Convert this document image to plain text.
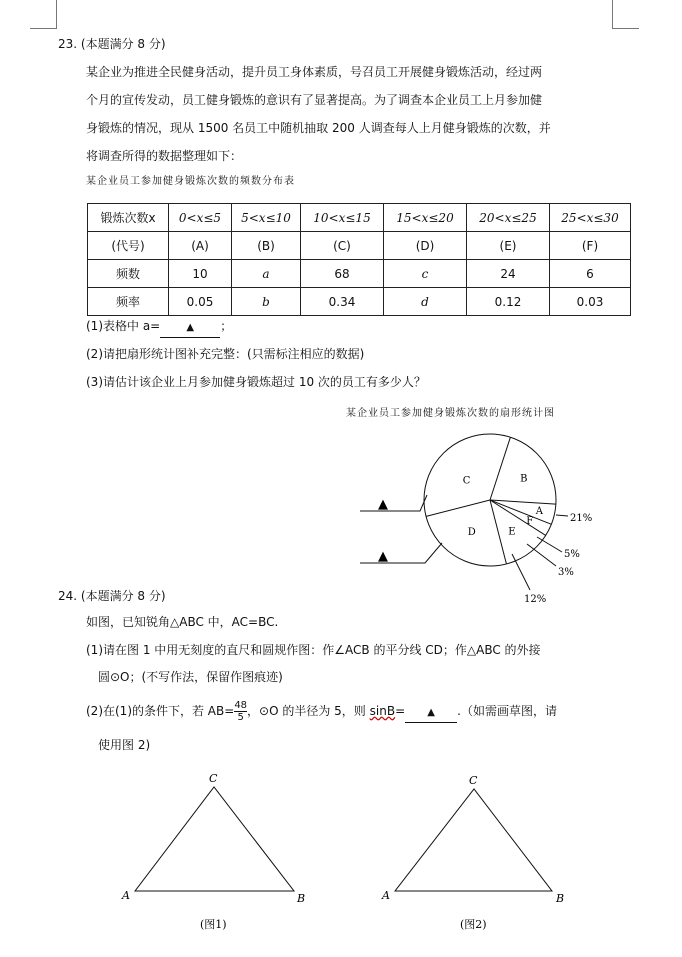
23. (本题满分 8 分)
某企业为推进全民健身活动，提升员工身体素质，号召员工开展健身锻炼活动，经过两
个月的宣传发动，员工健身锻炼的意识有了显著提高。为了调查本企业员工上月参加健
身锻炼的情况，现从 1500 名员工中随机抽取 200 人调查每人上月健身锻炼的次数，并
将调查所得的数据整理如下：
某企业员工参加健身锻炼次数的频数分布表
锻炼次数x	0<x≤5	5<x≤10	10<x≤15	15<x≤20	20<x≤25	25<x≤30
(代号)	(A)	(B)	(C)	(D)	(E)	(F)
频数	10	a	68	c	24	6
频率	0.05	b	0.34	d	0.12	0.03
(1)表格中 a=	▲ ；
(2)请把扇形统计图补充完整：(只需标注相应的数据)
(3)请估计该企业上月参加健身锻炼超过 10 次的员工有多少人？
某企业员工参加健身锻炼次数的扇形统计图
B
A
F
E
D
C
21%
5%
3%
12%
▲
▲
24. (本题满分 8 分)
如图，已知锐角△ABC 中，AC=BC.
(1)请在图 1 中用无刻度的直尺和圆规作图：作∠ACB 的平分线 CD；作△ABC 的外接
圆⊙O；(不写作法，保留作图痕迹)
(2)在(1)的条件下，若 $AB= \frac{48}{5}$ ，⊙O 的半径为 5，则 sinB= ▲ .（如需画草图，请
使用图 2)
C
A	B
(图1)
C
A	B
(图2)
